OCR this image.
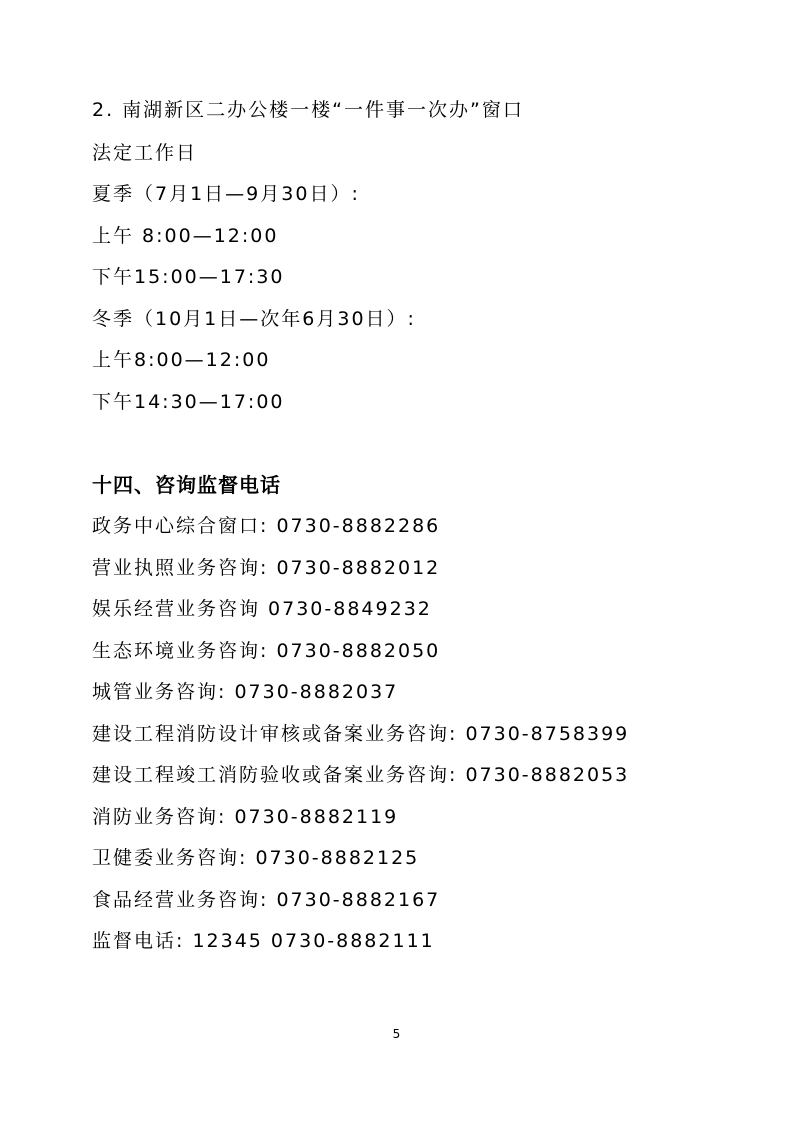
2. 南湖新区二办公楼一楼“一件事一次办”窗口
法定工作日
夏季（7月1日—9月30日）:
上午 8:00—12:00
下午15:00—17:30
冬季（10月1日—次年6月30日）:
上午8:00—12:00
下午14:30—17:00
十四、咨询监督电话
政务中心综合窗口: 0730-8882286
营业执照业务咨询: 0730-8882012
娱乐经营业务咨询 0730-8849232
生态环境业务咨询: 0730-8882050
城管业务咨询: 0730-8882037
建设工程消防设计审核或备案业务咨询: 0730-8758399
建设工程竣工消防验收或备案业务咨询: 0730-8882053
消防业务咨询: 0730-8882119
卫健委业务咨询: 0730-8882125
食品经营业务咨询: 0730-8882167
监督电话: 12345 0730-8882111
5
